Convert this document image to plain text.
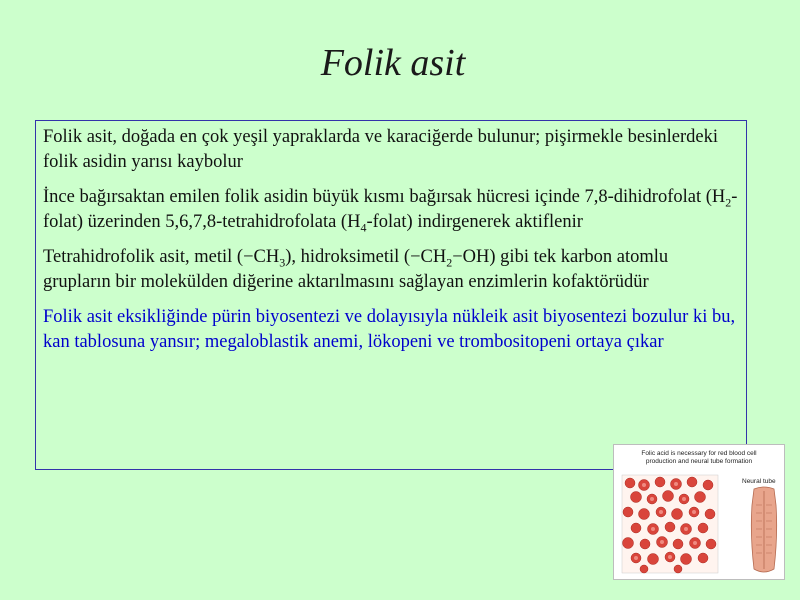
Folik asit

Folik asit, doğada en çok yeşil yapraklarda ve karaciğerde bulunur; pişirmekle besinlerdeki folik asidin yarısı kaybolur

İnce bağırsaktan emilen folik asidin büyük kısmı bağırsak hücresi içinde 7,8-dihidrofolat $(H_2-folat)$ üzerinden 5,6,7,8-tetrahidrofolata $(H_4-folat)$ indirgenerek aktiflenir

Tetrahidrofolik asit, metil $(-CH_3)$, hidroksimetil $(-CH_2-OH)$ gibi tek karbon atomlu grupların bir molekülden diğerine aktarılmasını sağlayan enzimlerin kofaktörüdür

Folik asit eksikliğinde pürin biyosentezi ve dolayısıyla nükleik asit biyosentezi bozulur ki bu, kan tablosuna yansır; megaloblastik anemi, lökopeni ve trombositopeni ortaya çıkar

Folic acid is necessary for red blood cell
production and neural tube formation
Neural tube
